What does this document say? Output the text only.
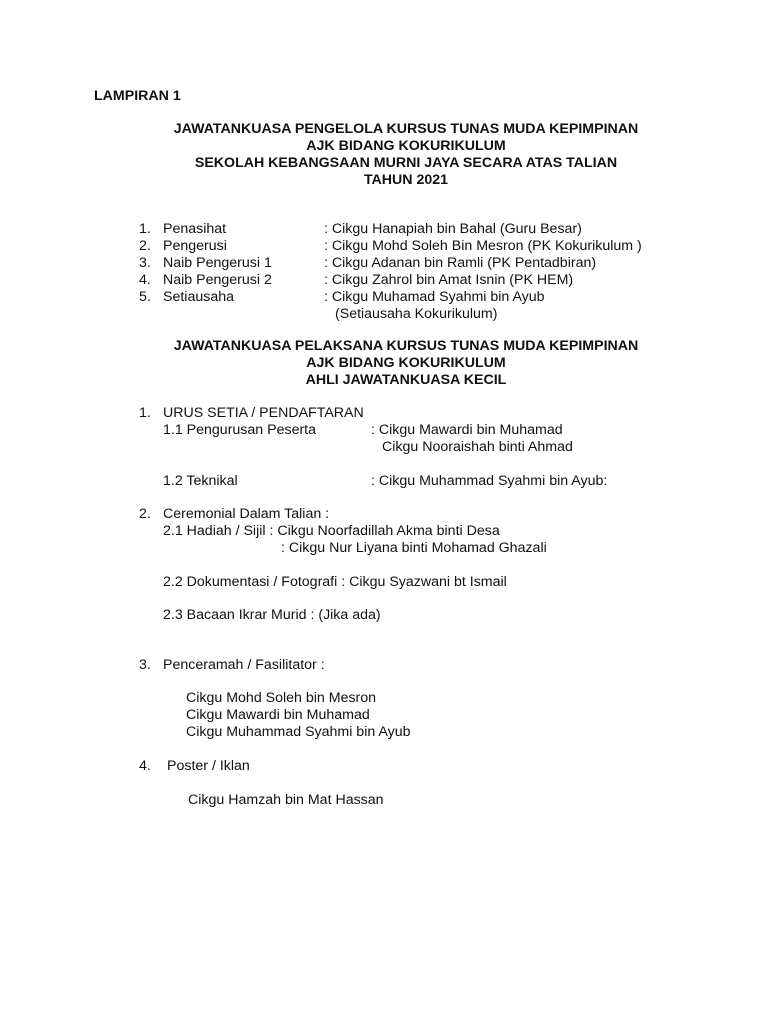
LAMPIRAN 1
JAWATANKUASA PENGELOLA KURSUS TUNAS MUDA KEPIMPINAN
AJK BIDANG KOKURIKULUM
SEKOLAH KEBANGSAAN MURNI JAYA SECARA ATAS TALIAN
TAHUN 2021
1. Penasihat	: Cikgu Hanapiah bin Bahal (Guru Besar)
2. Pengerusi	: Cikgu Mohd Soleh Bin Mesron (PK Kokurikulum )
3. Naib Pengerusi 1	: Cikgu Adanan bin Ramli (PK Pentadbiran)
4. Naib Pengerusi 2	: Cikgu Zahrol bin Amat Isnin (PK HEM)
5. Setiausaha	: Cikgu Muhamad Syahmi bin Ayub
(Setiausaha Kokurikulum)
JAWATANKUASA PELAKSANA KURSUS TUNAS MUDA KEPIMPINAN
AJK BIDANG KOKURIKULUM
AHLI JAWATANKUASA KECIL
1. URUS SETIA / PENDAFTARAN
1.1 Pengurusan Peserta	: Cikgu Mawardi bin Muhamad
Cikgu Nooraishah binti Ahmad
1.2 Teknikal	: Cikgu Muhammad Syahmi bin Ayub:
2. Ceremonial Dalam Talian :
2.1 Hadiah / Sijil : Cikgu Noorfadillah Akma binti Desa
: Cikgu Nur Liyana binti Mohamad Ghazali
2.2 Dokumentasi / Fotografi : Cikgu Syazwani bt Ismail
2.3 Bacaan Ikrar Murid : (Jika ada)
3. Penceramah / Fasilitator :
Cikgu Mohd Soleh bin Mesron
Cikgu Mawardi bin Muhamad
Cikgu Muhammad Syahmi bin Ayub
4. Poster / Iklan
Cikgu Hamzah bin Mat Hassan
